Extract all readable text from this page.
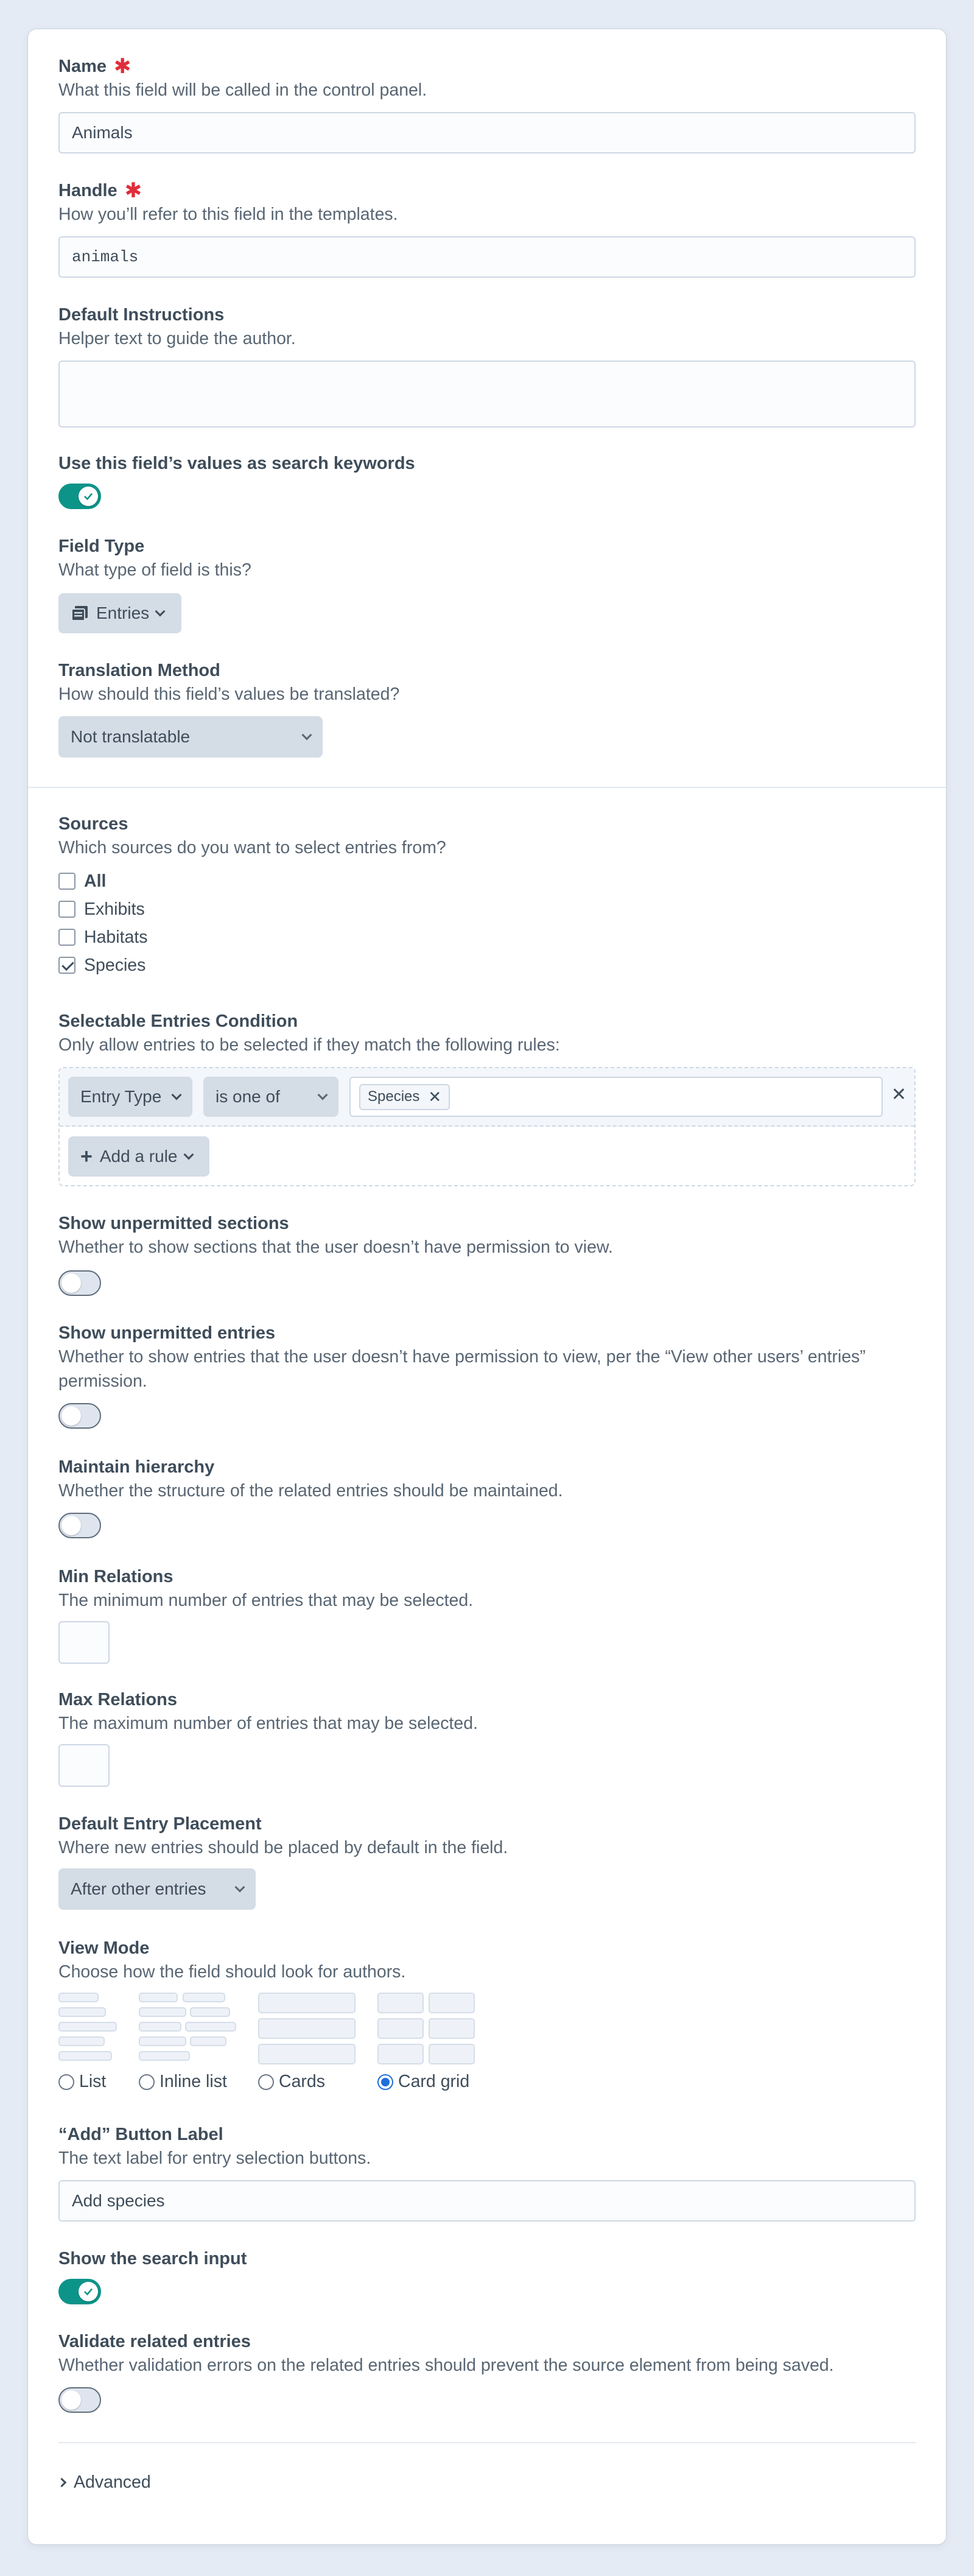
Name ✱
What this field will be called in the control panel.
Animals
Handle ✱
How you’ll refer to this field in the templates.
animals
Default Instructions
Helper text to guide the author.
Use this field’s values as search keywords
Field Type
What type of field is this?
Entries
Translation Method
How should this field’s values be translated?
Not translatable
Sources
Which sources do you want to select entries from?
All
Exhibits
Habitats
Species
Selectable Entries Condition
Only allow entries to be selected if they match the following rules:
Entry Type	is one of	Species ✕	✕
+ Add a rule
Show unpermitted sections
Whether to show sections that the user doesn’t have permission to view.
Show unpermitted entries
Whether to show entries that the user doesn’t have permission to view, per the “View other users’ entries”
permission.
Maintain hierarchy
Whether the structure of the related entries should be maintained.
Min Relations
The minimum number of entries that may be selected.
Max Relations
The maximum number of entries that may be selected.
Default Entry Placement
Where new entries should be placed by default in the field.
After other entries
View Mode
Choose how the field should look for authors.
List	Inline list	Cards	Card grid
“Add” Button Label
The text label for entry selection buttons.
Add species
Show the search input
Validate related entries
Whether validation errors on the related entries should prevent the source element from being saved.
Advanced
